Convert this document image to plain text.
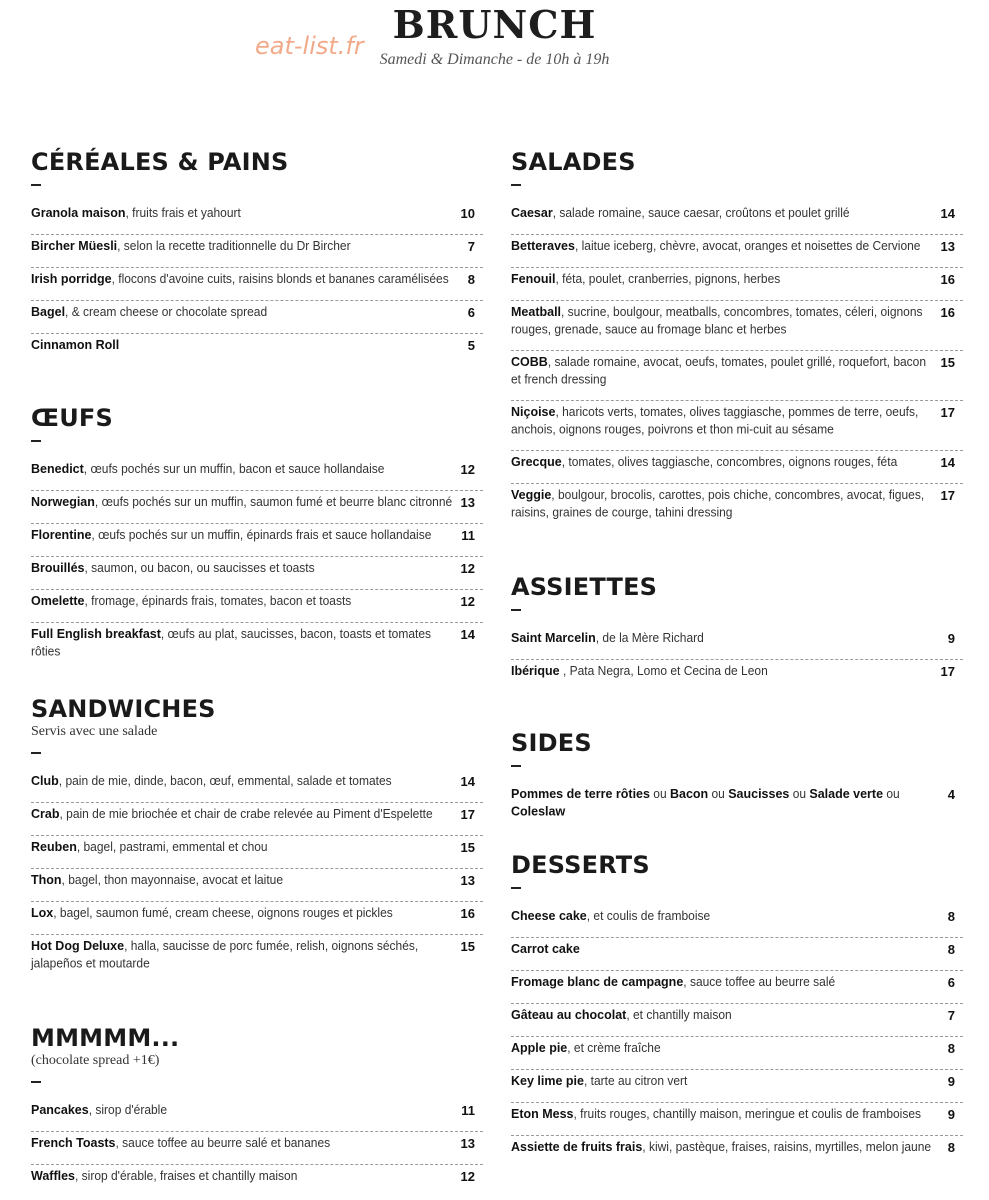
BRUNCH
Samedi & Dimanche - de 10h à 19h
eat-list.fr
CÉRÉALES & PAINS
Granola maison, fruits frais et yahourt	10
Bircher Müesli, selon la recette traditionnelle du Dr Bircher	7
Irish porridge, flocons d'avoine cuits, raisins blonds et bananes caramélisées 8
Bagel, & cream cheese or chocolate spread	6
Cinnamon Roll	5
ŒUFS
Benedict, œufs pochés sur un muffin, bacon et sauce hollandaise	12
Norwegian, œufs pochés sur un muffin, saumon fumé et beurre blanc citronné 13
Florentine, œufs pochés sur un muffin, épinards frais et sauce hollandaise 11
Brouillés, saumon, ou bacon, ou saucisses et toasts	12
Omelette, fromage, épinards frais, tomates, bacon et toasts	12
Full English breakfast, œufs au plat, saucisses, bacon, toasts et tomates rôties
14
SANDWICHES
Servis avec une salade
Club, pain de mie, dinde, bacon, œuf, emmental, salade et tomates	14
Crab, pain de mie briochée et chair de crabe relevée au Piment d'Espelette 17
Reuben, bagel, pastrami, emmental et chou	15
Thon, bagel, thon mayonnaise, avocat et laitue	13
Lox, bagel, saumon fumé, cream cheese, oignons rouges et pickles	16
Hot Dog Deluxe, halla, saucisse de porc fumée, relish, oignons séchés, jalapeños et moutarde
15
MMMMM...
(chocolate spread +1€)
Pancakes, sirop d'érable	11
French Toasts, sauce toffee au beurre salé et bananes	13
Waffles, sirop d'érable, fraises et chantilly maison	12
SALADES
Caesar, salade romaine, sauce caesar, croûtons et poulet grillé	14
Betteraves, laitue iceberg, chèvre, avocat, oranges et noisettes de Cervione 13
Fenouil, féta, poulet, cranberries, pignons, herbes	16
Meatball, sucrine, boulgour, meatballs, concombres, tomates, céleri, oignons rouges, grenade, sauce au fromage blanc et herbes
16
COBB, salade romaine, avocat, oeufs, tomates, poulet grillé, roquefort, bacon et french dressing
15
Niçoise, haricots verts, tomates, olives taggiasche, pommes de terre, oeufs, anchois, oignons rouges, poivrons et thon mi-cuit au sésame
17
Grecque, tomates, olives taggiasche, concombres, oignons rouges, féta	14
Veggie, boulgour, brocolis, carottes, pois chiche, concombres, avocat, figues, raisins, graines de courge, tahini dressing
17
ASSIETTES
Saint Marcelin, de la Mère Richard	9
Ibérique , Pata Negra, Lomo et Cecina de Leon	17
SIDES
Pommes de terre rôties ou Bacon ou Saucisses ou Salade verte ou Coleslaw
4
DESSERTS
Cheese cake, et coulis de framboise	8
Carrot cake	8
Fromage blanc de campagne, sauce toffee au beurre salé	6
Gâteau au chocolat, et chantilly maison	7
Apple pie, et crème fraîche	8
Key lime pie, tarte au citron vert	9
Eton Mess, fruits rouges, chantilly maison, meringue et coulis de framboises 9
Assiette de fruits frais, kiwi, pastèque, fraises, raisins, myrtilles, melon jaune 8
